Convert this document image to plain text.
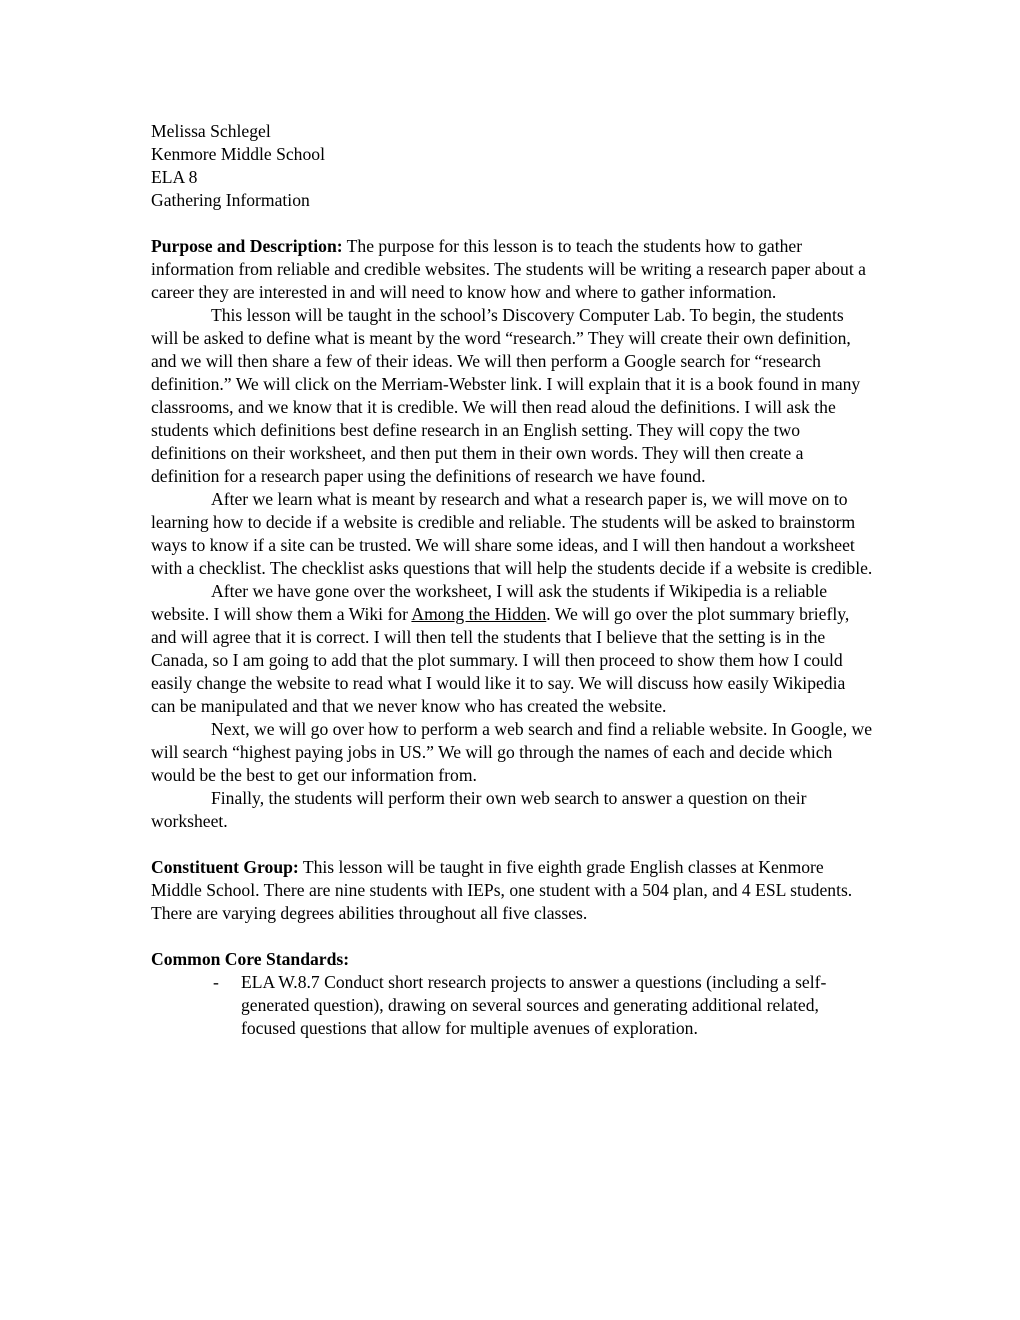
Melissa Schlegel
Kenmore Middle School
ELA 8
Gathering Information

Purpose and Description: The purpose for this lesson is to teach the students how to gather information from reliable and credible websites. The students will be writing a research paper about a career they are interested in and will need to know how and where to gather information.

This lesson will be taught in the school’s Discovery Computer Lab. To begin, the students will be asked to define what is meant by the word “research.” They will create their own definition, and we will then share a few of their ideas. We will then perform a Google search for “research definition.” We will click on the Merriam-Webster link. I will explain that it is a book found in many classrooms, and we know that it is credible. We will then read aloud the definitions. I will ask the students which definitions best define research in an English setting. They will copy the two definitions on their worksheet, and then put them in their own words. They will then create a definition for a research paper using the definitions of research we have found.

After we learn what is meant by research and what a research paper is, we will move on to learning how to decide if a website is credible and reliable. The students will be asked to brainstorm ways to know if a site can be trusted. We will share some ideas, and I will then handout a worksheet with a checklist. The checklist asks questions that will help the students decide if a website is credible.

After we have gone over the worksheet, I will ask the students if Wikipedia is a reliable website. I will show them a Wiki for Among the Hidden. We will go over the plot summary briefly, and will agree that it is correct. I will then tell the students that I believe that the setting is in the Canada, so I am going to add that the plot summary. I will then proceed to show them how I could easily change the website to read what I would like it to say. We will discuss how easily Wikipedia can be manipulated and that we never know who has created the website.

Next, we will go over how to perform a web search and find a reliable website. In Google, we will search “highest paying jobs in US.” We will go through the names of each and decide which would be the best to get our information from.

Finally, the students will perform their own web search to answer a question on their worksheet.

Constituent Group: This lesson will be taught in five eighth grade English classes at Kenmore Middle School. There are nine students with IEPs, one student with a 504 plan, and 4 ESL students. There are varying degrees abilities throughout all five classes.

Common Core Standards:

- ELA W.8.7 Conduct short research projects to answer a questions (including a self-generated question), drawing on several sources and generating additional related, focused questions that allow for multiple avenues of exploration.
